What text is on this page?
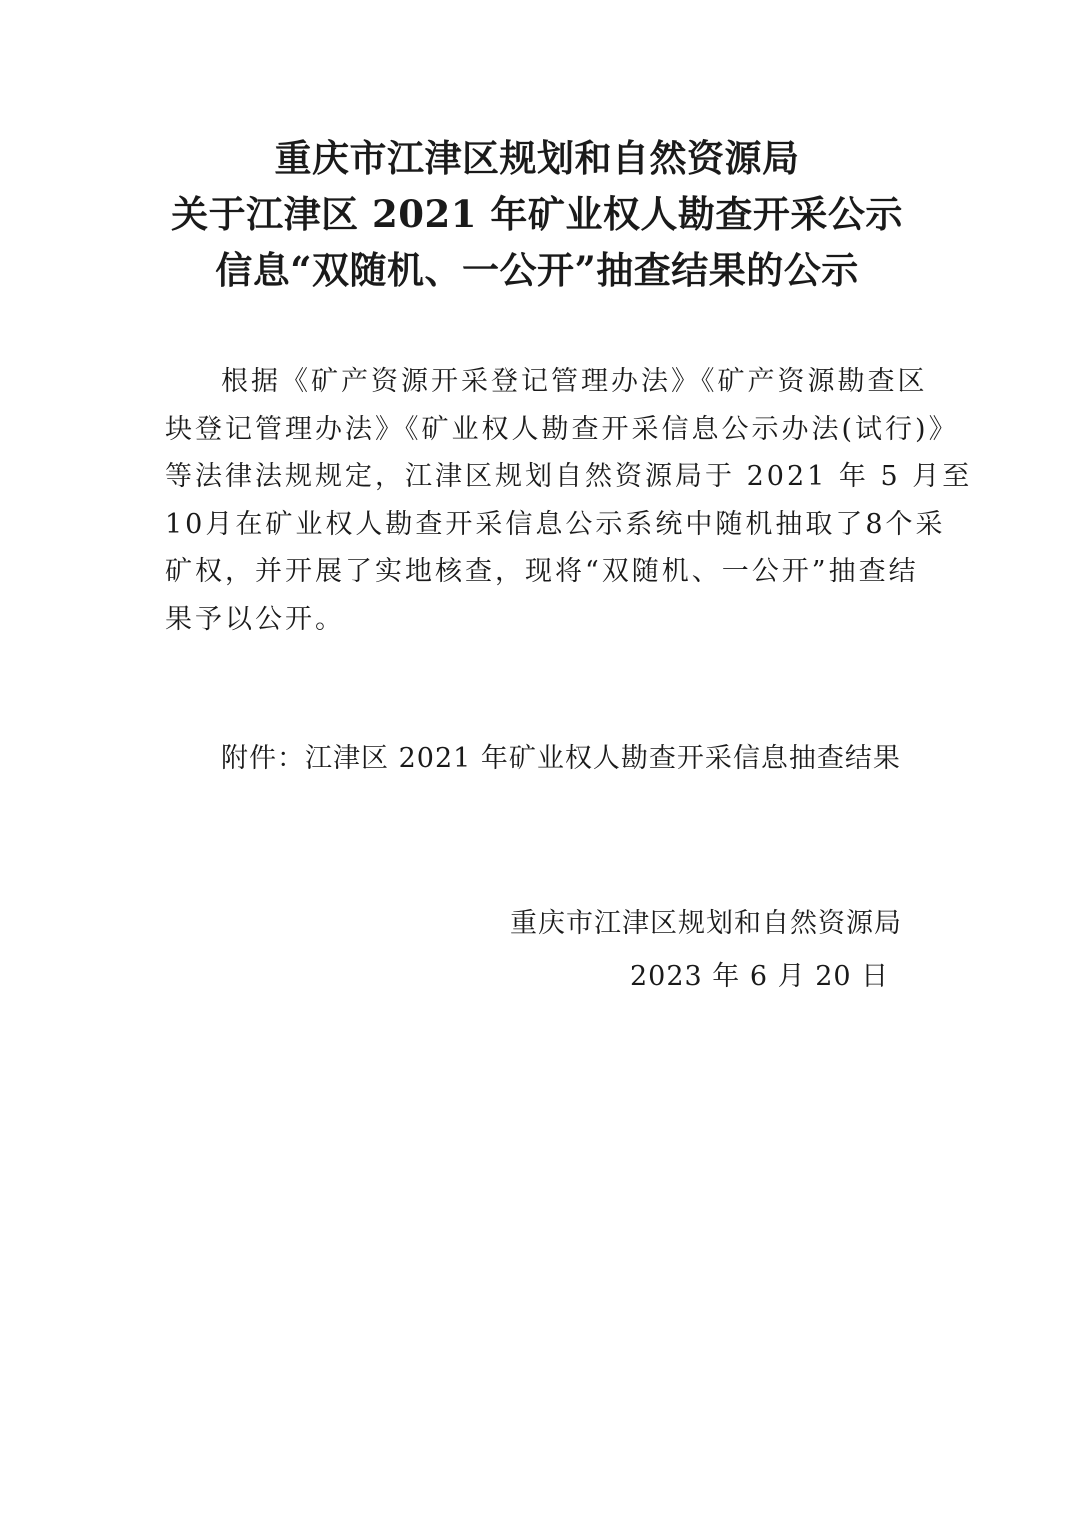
重庆市江津区规划和自然资源局
关于江津区 2021 年矿业权人勘查开采公示
信息“双随机、一公开”抽查结果的公示
根据《矿产资源开采登记管理办法》《矿产资源勘查区
块登记管理办法》《矿业权人勘查开采信息公示办法(试行)》
等法律法规规定，江津区规划自然资源局于 2021 年 5 月至
10月在矿业权人勘查开采信息公示系统中随机抽取了8个采
矿权，并开展了实地核查，现将“双随机、一公开”抽查结
果予以公开。
附件：江津区 2021 年矿业权人勘查开采信息抽查结果
重庆市江津区规划和自然资源局
2023 年 6 月 20 日
